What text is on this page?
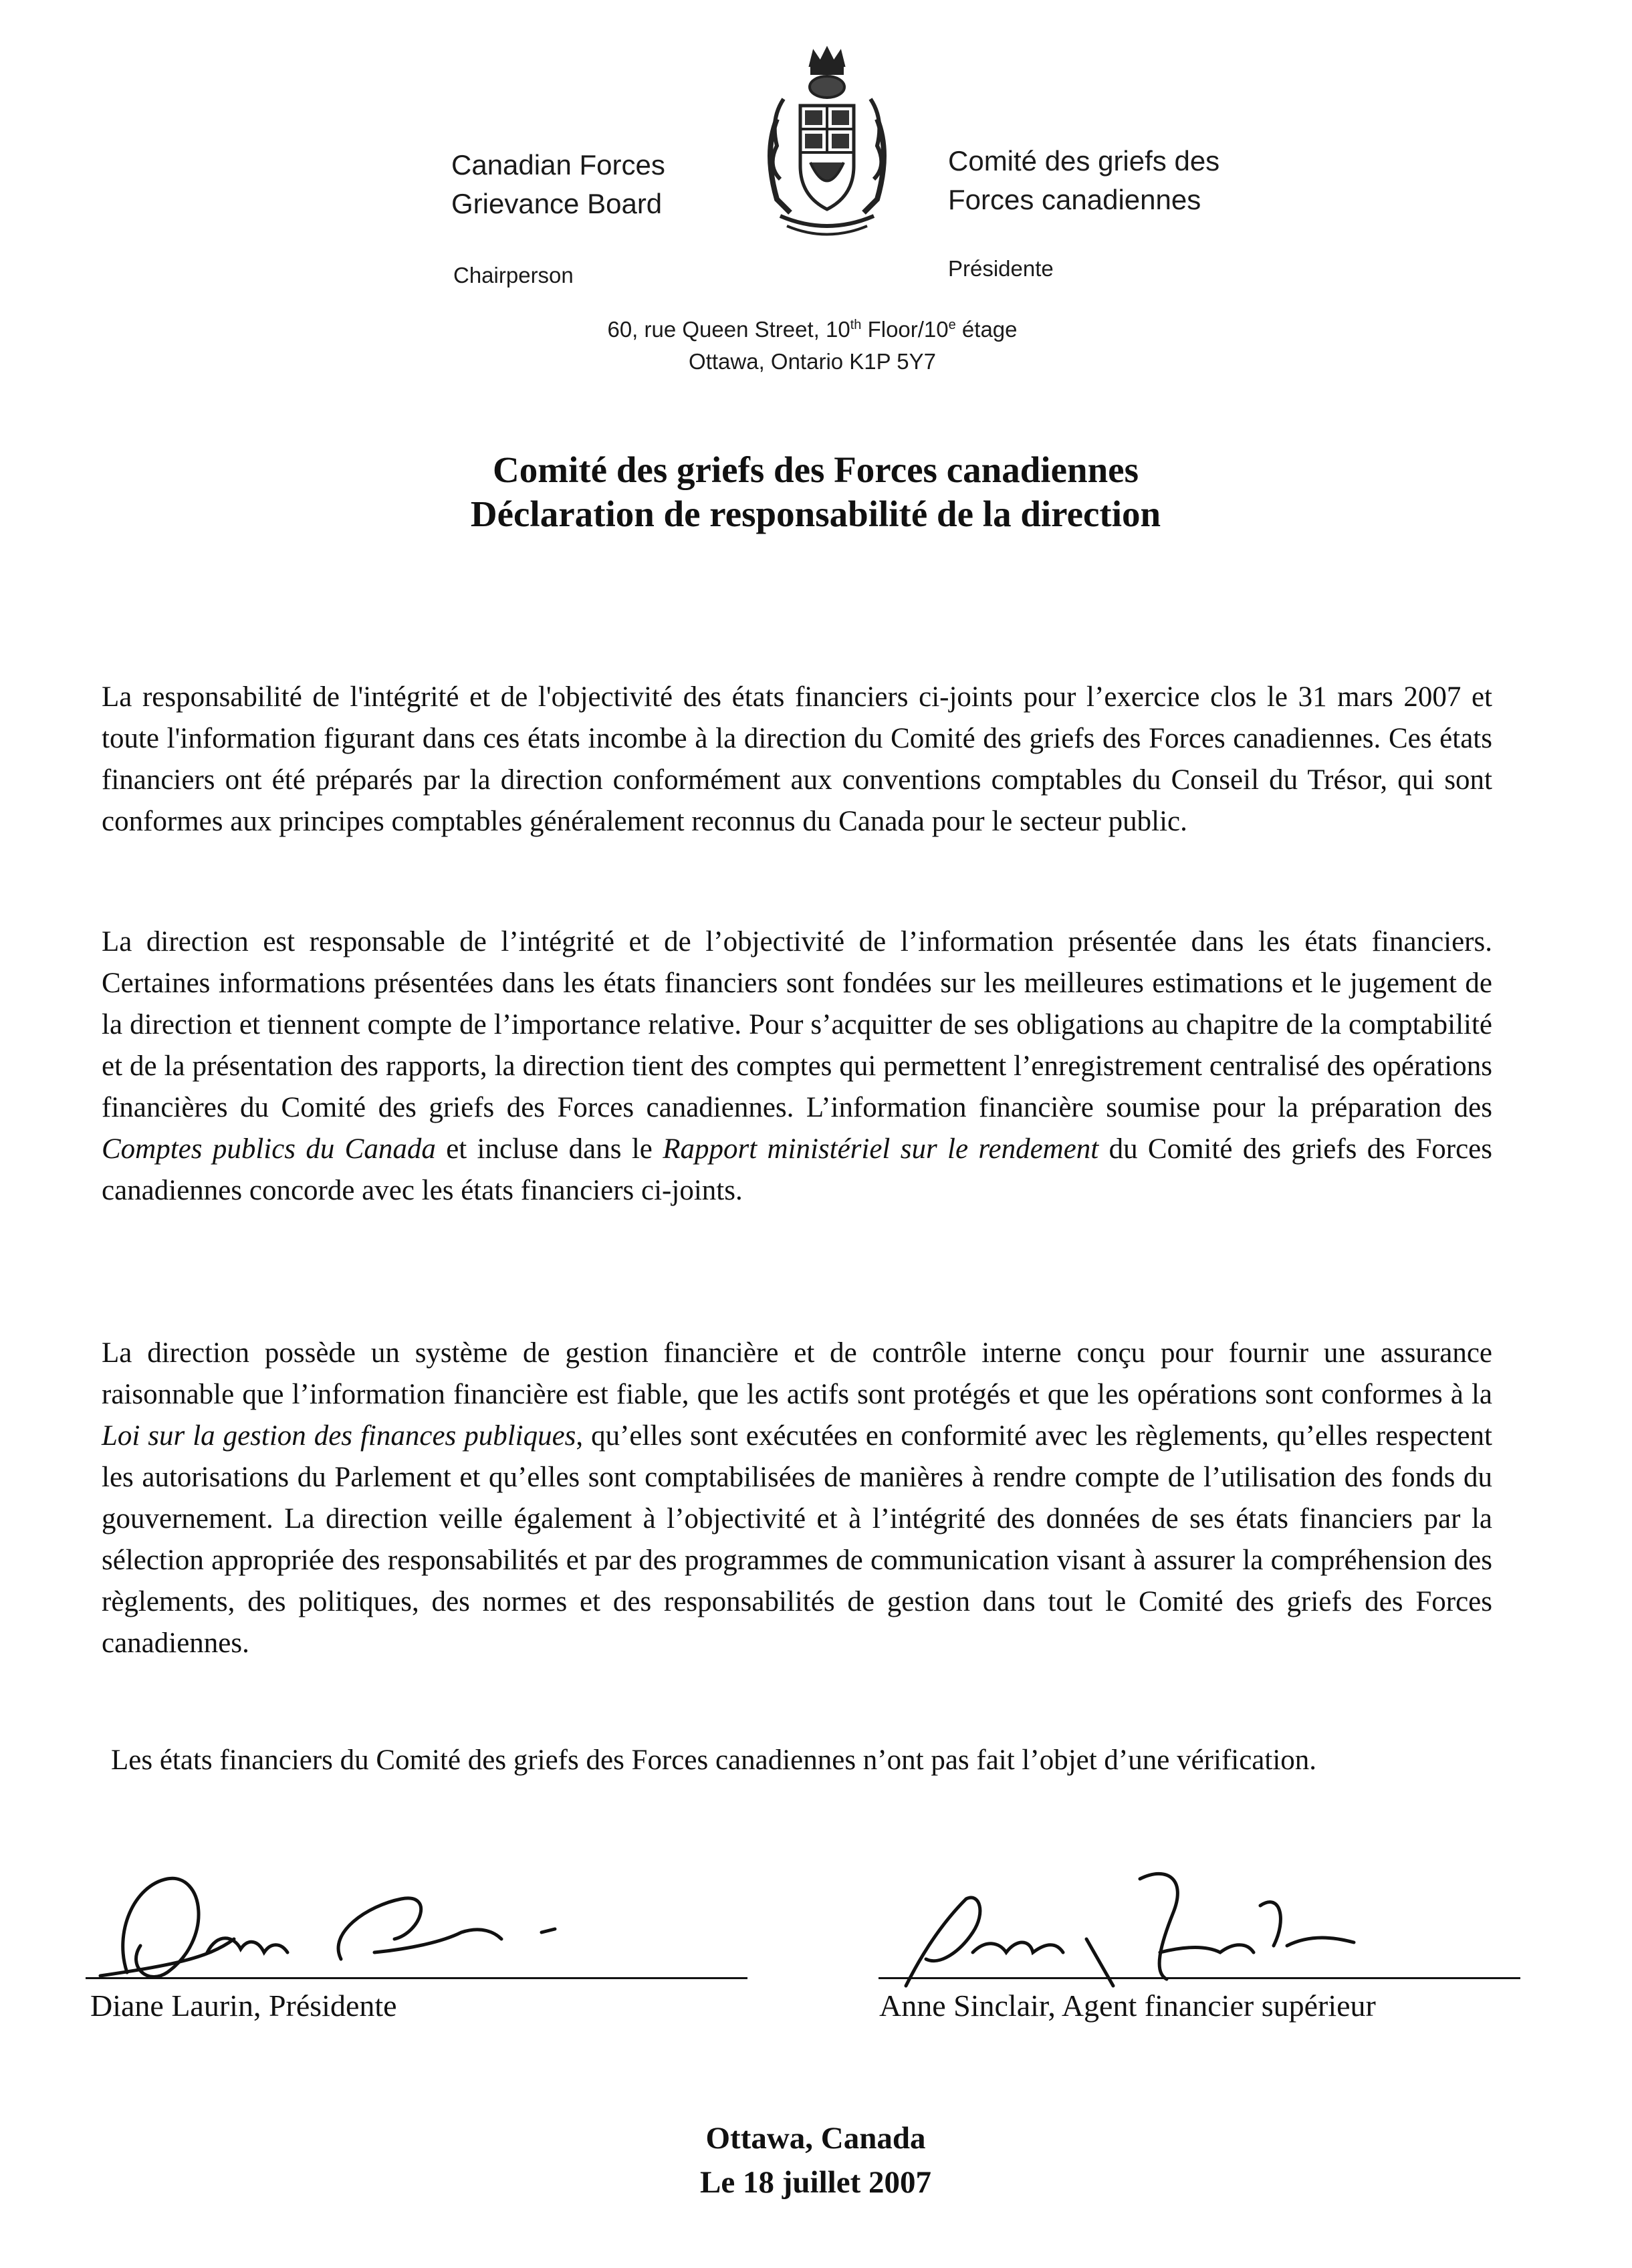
Canadian Forces
Grievance Board
Comité des griefs des
Forces canadiennes
Chairperson	Présidente
60, rue Queen Street, 10th Floor/10e étage
Ottawa, Ontario K1P 5Y7
Comité des griefs des Forces canadiennes
Déclaration de responsabilité de la direction
La responsabilité de l'intégrité et de l'objectivité des états financiers ci-joints pour l’exercice clos le 31 mars 2007 et toute l'information figurant dans ces états incombe à la direction du Comité des griefs des Forces canadiennes. Ces états financiers ont été préparés par la direction conformément aux conventions comptables du Conseil du Trésor, qui sont conformes aux principes comptables généralement reconnus du Canada pour le secteur public.
La direction est responsable de l’intégrité et de l’objectivité de l’information présentée dans les états financiers. Certaines informations présentées dans les états financiers sont fondées sur les meilleures estimations et le jugement de la direction et tiennent compte de l’importance relative. Pour s’acquitter de ses obligations au chapitre de la comptabilité et de la présentation des rapports, la direction tient des comptes qui permettent l’enregistrement centralisé des opérations financières du Comité des griefs des Forces canadiennes. L’information financière soumise pour la préparation des Comptes publics du Canada et incluse dans le Rapport ministériel sur le rendement du Comité des griefs des Forces canadiennes concorde avec les états financiers ci-joints.
La direction possède un système de gestion financière et de contrôle interne conçu pour fournir une assurance raisonnable que l’information financière est fiable, que les actifs sont protégés et que les opérations sont conformes à la Loi sur la gestion des finances publiques, qu’elles sont exécutées en conformité avec les règlements, qu’elles respectent les autorisations du Parlement et qu’elles sont comptabilisées de manières à rendre compte de l’utilisation des fonds du gouvernement. La direction veille également à l’objectivité et à l’intégrité des données de ses états financiers par la sélection appropriée des responsabilités et par des programmes de communication visant à assurer la compréhension des règlements, des politiques, des normes et des responsabilités de gestion dans tout le Comité des griefs des Forces canadiennes.
Les états financiers du Comité des griefs des Forces canadiennes n’ont pas fait l’objet d’une vérification.
Diane Laurin, Présidente	Anne Sinclair, Agent financier supérieur
Ottawa, Canada
Le 18 juillet 2007
